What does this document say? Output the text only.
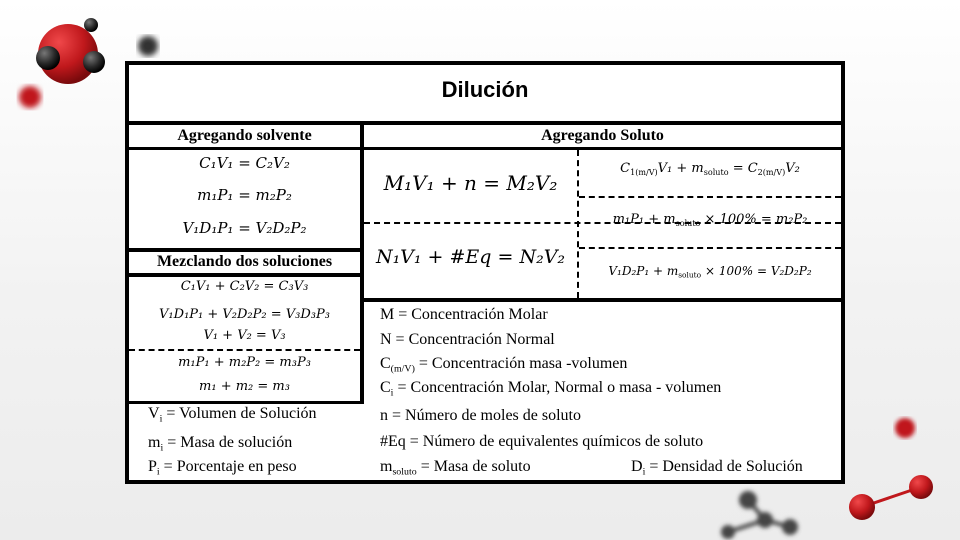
Dilución
Agregando solvente	Agregando Soluto
Mezclando dos soluciones
C₁V₁ = C₂V₂
m₁P₁ = m₂P₂
V₁D₁P₁ = V₂D₂P₂
C₁V₁ + C₂V₂ = C₃V₃
V₁D₁P₁ + V₂D₂P₂ = V₃D₃P₃
V₁ + V₂ = V₃
m₁P₁ + m₂P₂ = m₃P₃
m₁ + m₂ = m₃
M₁V₁ + n = M₂V₂
N₁V₁ + #Eq = N₂V₂
$C_{1(m/V)}V_1 + m_{soluto} = C_{2(m/V)}V_2$
$m_1P_1 + m_{soluto} \times 100\% = m_2P_2$
$V_1D_2P_1 + m_{soluto} \times 100\% = V_2D_2P_2$
M = Concentración Molar
N = Concentración Normal
$C_{(m/V)}$ = Concentración masa -volumen
$C_i$ = Concentración Molar, Normal o masa - volumen
n = Número de moles de soluto
#Eq = Número de equivalentes químicos de soluto
$m_{soluto}$ = Masa de soluto	$D_i$ = Densidad de Solución
$V_i$ = Volumen de Solución
$m_i$ = Masa de solución
$P_i$ = Porcentaje en peso
